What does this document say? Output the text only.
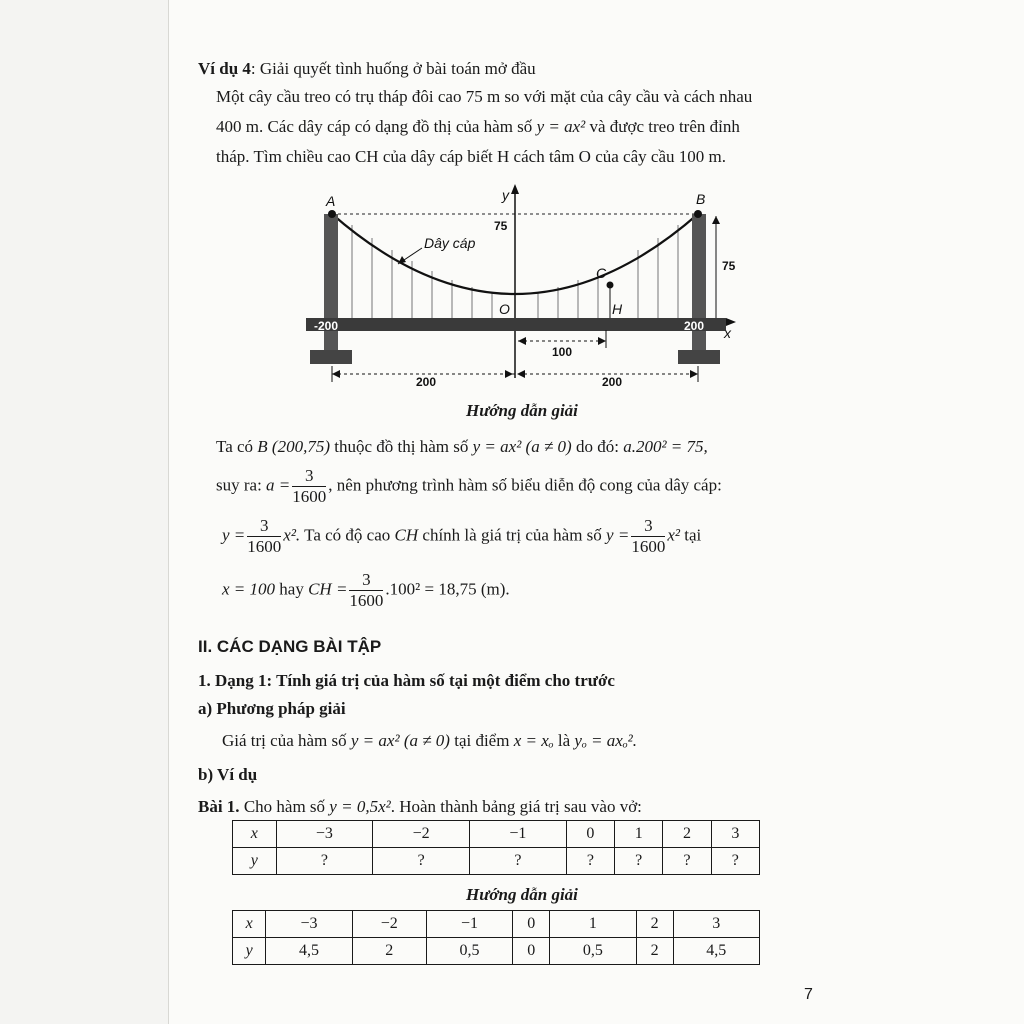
Ví dụ 4: Giải quyết tình huống ở bài toán mở đầu
Một cây cầu treo có trụ tháp đôi cao 75 m so với mặt của cây cầu và cách nhau
400 m. Các dây cáp có dạng đồ thị của hàm số y = ax² và được treo trên đỉnh
tháp. Tìm chiều cao CH của dây cáp biết H cách tâm O của cây cầu 100 m.
A	B
C
H
O
y
x
Dây cáp
75
75
-200	200
100
200	200
Hướng dẫn giải
Ta có B (200,75) thuộc đồ thị hàm số y = ax² (a ≠ 0) do đó: a.200² = 75,
suy ra: $a = \frac{3}{1600}$ , nên phương trình hàm số biểu diễn độ cong của dây cáp:
$y = \frac{3}{1600} x^2$. Ta có độ cao CH chính là giá trị của hàm số $y = \frac{3}{1600} x^2$ tại
x = 100 hay CH = $\frac{3}{1600} .100^2 = 18,75$ (m).
II. CÁC DẠNG BÀI TẬP
1. Dạng 1: Tính giá trị của hàm số tại một điểm cho trước
a) Phương pháp giải
Giá trị của hàm số y = ax² (a ≠ 0) tại điểm x = xₒ là yₒ = axₒ².
b) Ví dụ
Bài 1. Cho hàm số y = 0,5x². Hoàn thành bảng giá trị sau vào vở:
x	−3	−2	−1	0	1	2	3
y	?	?	?	?	?	?	?
Hướng dẫn giải
x	−3	−2	−1	0	1	2	3
y	4,5	2	0,5	0	0,5	2	4,5
7
